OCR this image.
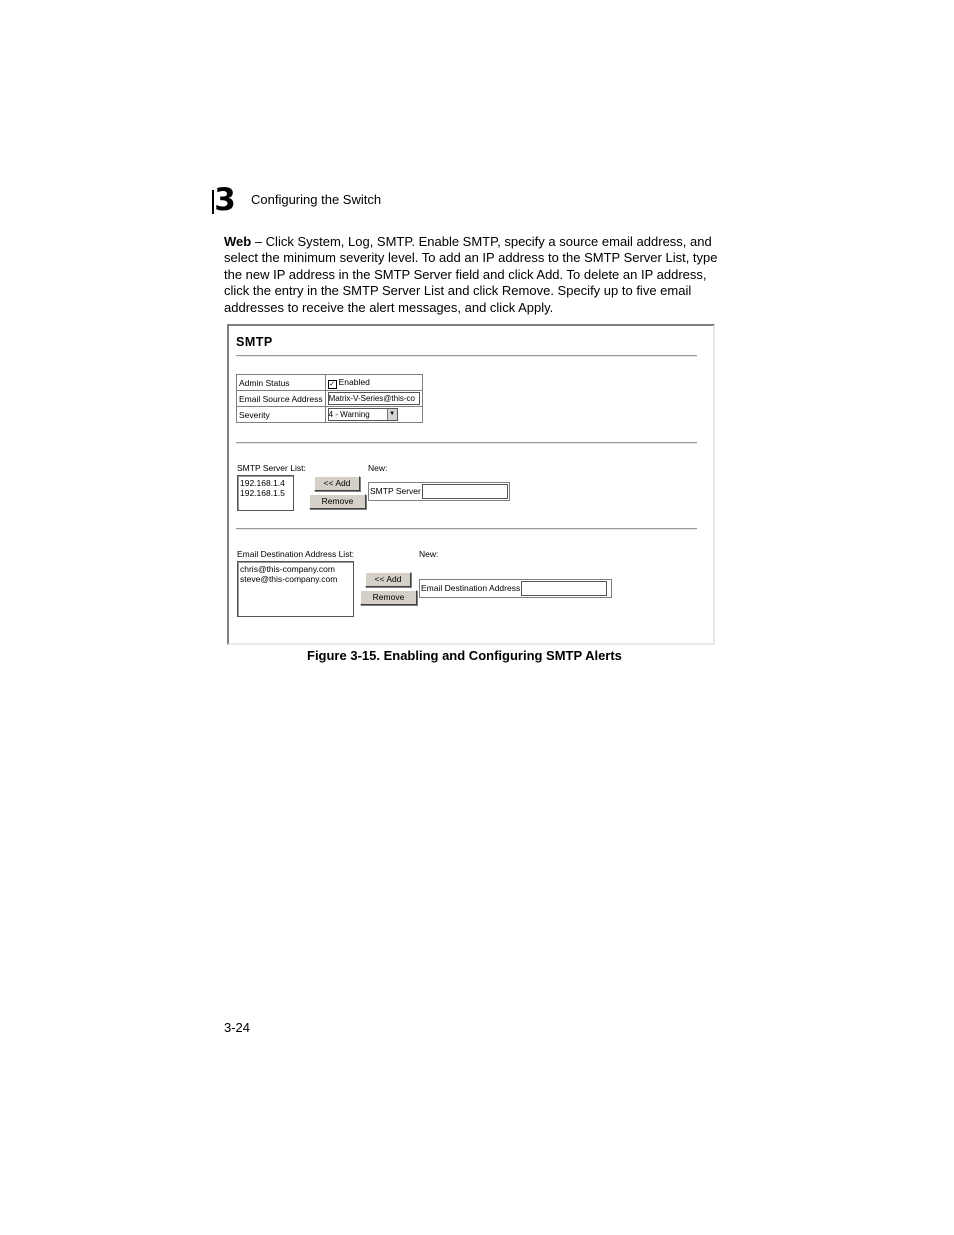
3 Configuring the Switch
Web – Click System, Log, SMTP. Enable SMTP, specify a source email address, and select the minimum severity level. To add an IP address to the SMTP Server List, type the new IP address in the SMTP Server field and click Add. To delete an IP address, click the entry in the SMTP Server List and click Remove. Specify up to five email addresses to receive the alert messages, and click Apply.
SMTP
Admin Status	✓ Enabled
Email Source Address	Matrix-V-Series@this-co
Severity	4 - Warning ▼
SMTP Server List:
192.168.1.4
192.168.1.5
<< Add
Remove
New:
SMTP Server
Email Destination Address List:
chris@this-company.com
steve@this-company.com	<< Add
Remove
New:
Email Destination Address
Figure 3-15. Enabling and Configuring SMTP Alerts
3-24
